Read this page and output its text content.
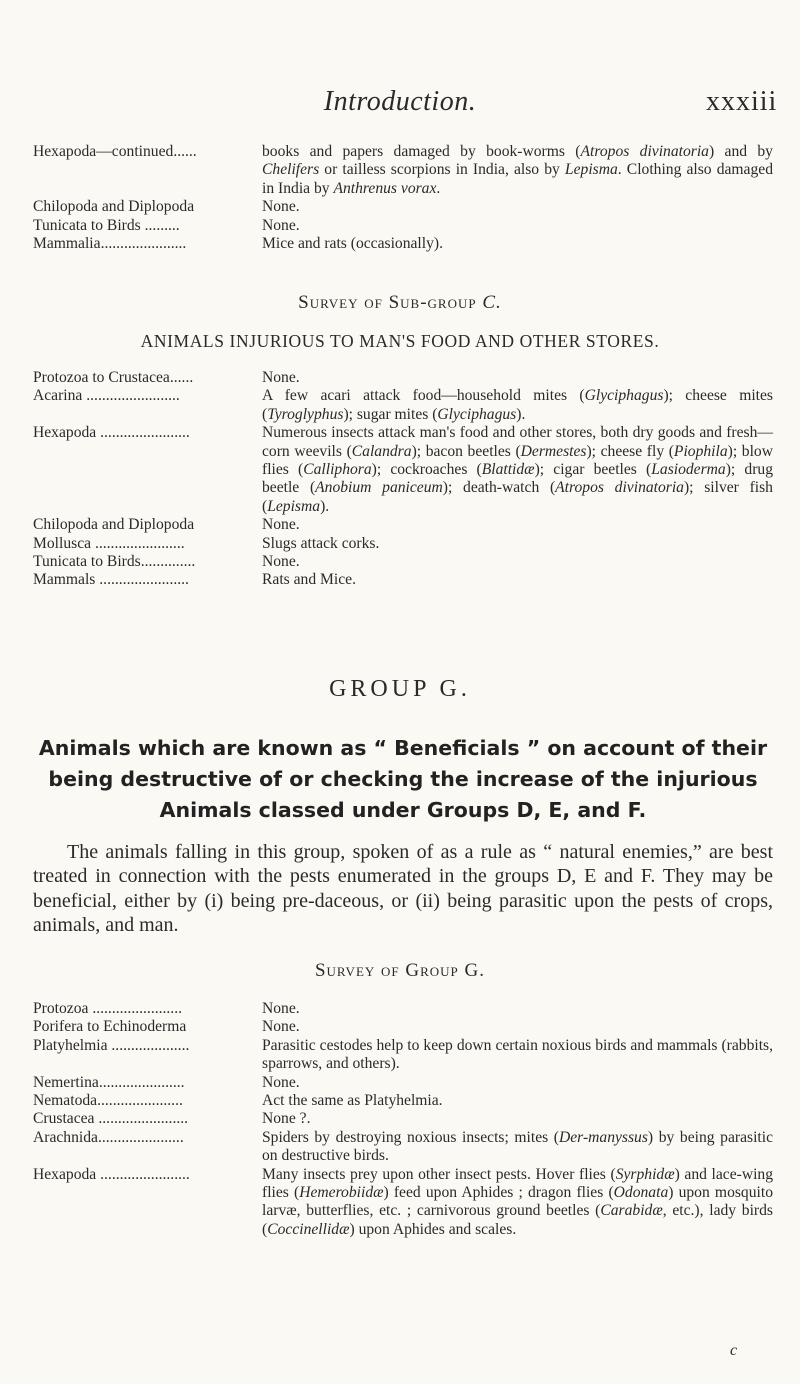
Introduction.	xxxiii
Hexapoda—continued......	books and papers damaged by book-worms (Atropos divinatoria) and by Chelifers or tailless scorpions in India, also by Lepisma. Clothing also damaged in India by Anthrenus vorax.
Chilopoda and Diplopoda	None.
Tunicata to Birds .........	None.
Mammalia......................	Mice and rats (occasionally).
Survey of Sub-group C.
ANIMALS INJURIOUS TO MAN'S FOOD AND OTHER STORES.
Protozoa to Crustacea......	None.
Acarina ........................	A few acari attack food—household mites (Glyciphagus); cheese mites (Tyroglyphus); sugar mites (Glyciphagus).
Hexapoda .......................	Numerous insects attack man's food and other stores, both dry goods and fresh—corn weevils (Calandra); bacon beetles (Dermestes); cheese fly (Piophila); blow flies (Calliphora); cockroaches (Blattidæ); cigar beetles (Lasioderma); drug beetle (Anobium paniceum); death-watch (Atropos divinatoria); silver fish (Lepisma).
Chilopoda and Diplopoda	None.
Mollusca .......................	Slugs attack corks.
Tunicata to Birds..............	None.
Mammals .......................	Rats and Mice.
GROUP G.
Animals which are known as “ Beneficials ” on account of their being destructive of or checking the increase of the injurious Animals classed under Groups D, E, and F.
The animals falling in this group, spoken of as a rule as “ natural enemies,” are best treated in connection with the pests enumerated in the groups D, E and F. They may be beneficial, either by (i) being pre-daceous, or (ii) being parasitic upon the pests of crops, animals, and man.
Survey of Group G.
Protozoa .......................	None.
Porifera to Echinoderma	None.
Platyhelmia ....................	Parasitic cestodes help to keep down certain noxious birds and mammals (rabbits, sparrows, and others).
Nemertina......................	None.
Nematoda......................	Act the same as Platyhelmia.
Crustacea .......................	None ?.
Arachnida......................	Spiders by destroying noxious insects; mites (Der-manyssus) by being parasitic on destructive birds.
Hexapoda .......................	Many insects prey upon other insect pests. Hover flies (Syrphidæ) and lace-wing flies (Hemerobiidæ) feed upon Aphides ; dragon flies (Odonata) upon mosquito larvæ, butterflies, etc. ; carnivorous ground beetles (Carabidæ, etc.), lady birds (Coccinellidæ) upon Aphides and scales.
c
